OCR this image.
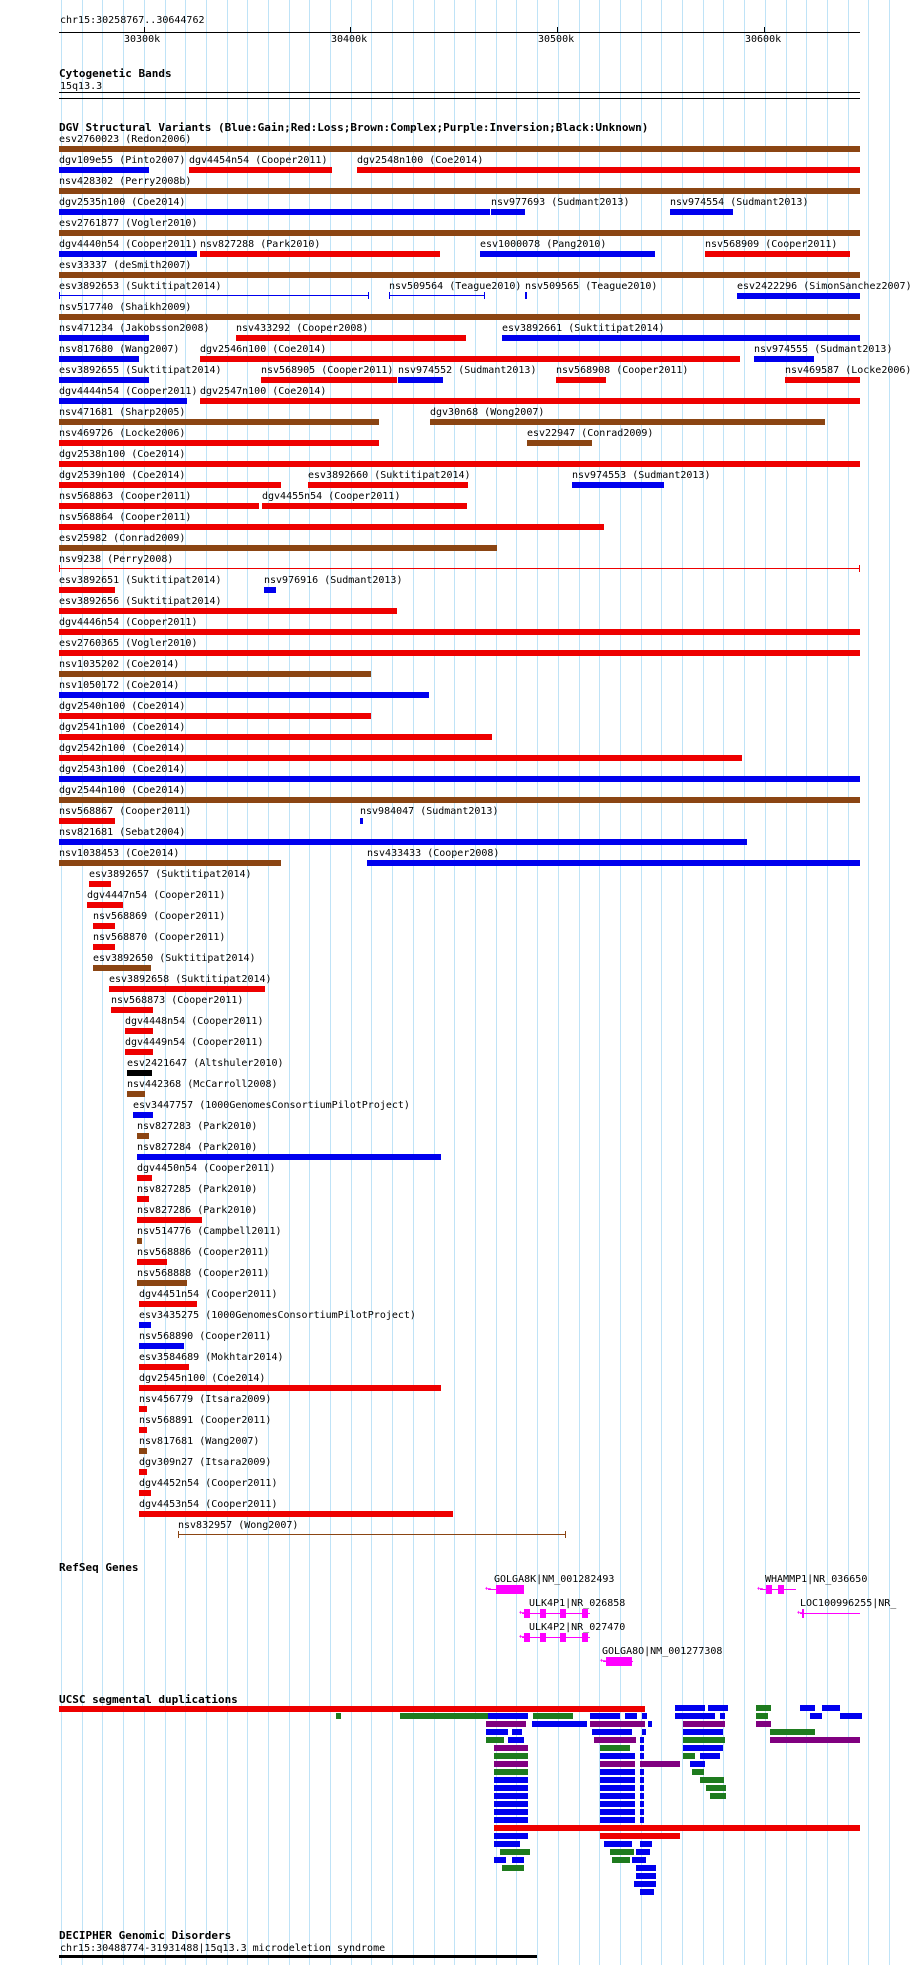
chr15:30258767..30644762
30300k	30400k	30500k	30600k
Cytogenetic Bands
15q13.3
DGV Structural Variants (Blue:Gain;Red:Loss;Brown:Complex;Purple:Inversion;Black:Unknown)
esv2760023 (Redon2006)
dgv109e55 (Pinto2007) dgv4454n54 (Cooper2011)	dgv2548n100 (Coe2014)
nsv428302 (Perry2008b)
dgv2535n100 (Coe2014)	nsv977693 (Sudmant2013)	nsv974554 (Sudmant2013)
esv2761877 (Vogler2010)
dgv4440n54 (Cooper2011) nsv827288 (Park2010)	esv1000078 (Pang2010)	nsv568909 (Cooper2011)
esv33337 (deSmith2007)
esv3892653 (Suktitipat2014)	nsv509564 (Teague2010) nsv509565 (Teague2010)	esv2422296 (SimonSanchez2007)
nsv517740 (Shaikh2009)
nsv471234 (Jakobsson2008)	nsv433292 (Cooper2008)	esv3892661 (Suktitipat2014)
nsv817680 (Wang2007) dgv2546n100 (Coe2014)	nsv974555 (Sudmant2013)
esv3892655 (Suktitipat2014)	nsv568905 (Cooper2011) nsv974552 (Sudmant2013) nsv568908 (Cooper2011)	nsv469587 (Locke2006)
dgv4444n54 (Cooper2011) dgv2547n100 (Coe2014)
nsv471681 (Sharp2005)	dgv30n68 (Wong2007)
nsv469726 (Locke2006)	esv22947 (Conrad2009)
dgv2538n100 (Coe2014)
dgv2539n100 (Coe2014)	esv3892660 (Suktitipat2014)	nsv974553 (Sudmant2013)
nsv568863 (Cooper2011)	dgv4455n54 (Cooper2011)
nsv568864 (Cooper2011)
esv25982 (Conrad2009)
nsv9238 (Perry2008)
esv3892651 (Suktitipat2014)	nsv976916 (Sudmant2013)
esv3892656 (Suktitipat2014)
dgv4446n54 (Cooper2011)
esv2760365 (Vogler2010)
nsv1035202 (Coe2014)
nsv1050172 (Coe2014)
dgv2540n100 (Coe2014)
dgv2541n100 (Coe2014)
dgv2542n100 (Coe2014)
dgv2543n100 (Coe2014)
dgv2544n100 (Coe2014)
nsv568867 (Cooper2011)	nsv984047 (Sudmant2013)
nsv821681 (Sebat2004)
nsv1038453 (Coe2014)	nsv433433 (Cooper2008)
esv3892657 (Suktitipat2014)
dgv4447n54 (Cooper2011)
nsv568869 (Cooper2011)
nsv568870 (Cooper2011)
esv3892650 (Suktitipat2014)
esv3892658 (Suktitipat2014)
nsv568873 (Cooper2011)
dgv4448n54 (Cooper2011)
dgv4449n54 (Cooper2011)
esv2421647 (Altshuler2010)
nsv442368 (McCarroll2008)
esv3447757 (1000GenomesConsortiumPilotProject)
nsv827283 (Park2010)
nsv827284 (Park2010)
dgv4450n54 (Cooper2011)
nsv827285 (Park2010)
nsv827286 (Park2010)
nsv514776 (Campbell2011)
nsv568886 (Cooper2011)
nsv568888 (Cooper2011)
dgv4451n54 (Cooper2011)
esv3435275 (1000GenomesConsortiumPilotProject)
nsv568890 (Cooper2011)
esv3584689 (Mokhtar2014)
dgv2545n100 (Coe2014)
nsv456779 (Itsara2009)
nsv568891 (Cooper2011)
nsv817681 (Wang2007)
dgv309n27 (Itsara2009)
dgv4452n54 (Cooper2011)
dgv4453n54 (Cooper2011)
nsv832957 (Wong2007)
RefSeq Genes
GOLGA8K|NM_001282493
←
ULK4P1|NR_026858
←
ULK4P2|NR_027470
←
GOLGA8O|NM_001277308
←
WHAMMP1|NR_036650
←
LOC100996255|NR_
←
UCSC segmental duplications
DECIPHER Genomic Disorders
chr15:30488774-31931488|15q13.3 microdeletion syndrome
